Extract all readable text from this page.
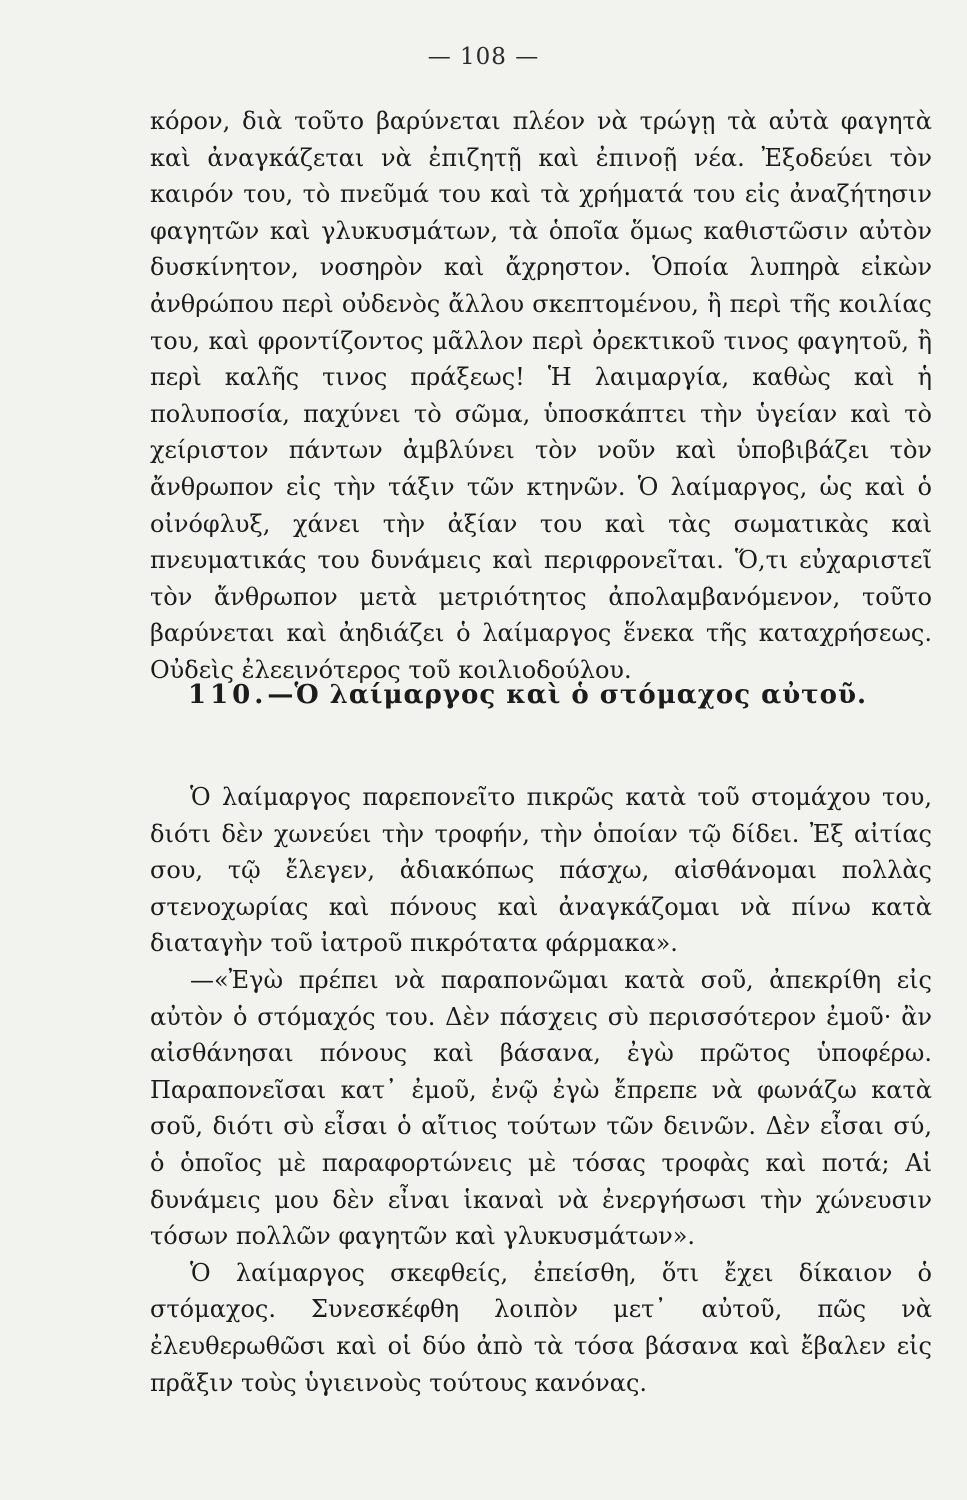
— 108 —

κόρον, διὰ τοῦτο βαρύνεται πλέον νὰ τρώγῃ τὰ αὐτὰ φαγητὰ καὶ ἀναγκάζεται νὰ ἐπιζητῇ καὶ ἐπινοῇ νέα. Ἐξοδεύει τὸν καιρόν του, τὸ πνεῦμά του καὶ τὰ χρήματά του εἰς ἀναζήτησιν φαγητῶν καὶ γλυκυσμάτων, τὰ ὁποῖα ὅμως καθιστῶσιν αὐτὸν δυσκίνητον, νοσηρὸν καὶ ἄχρηστον. Ὁποία λυπηρὰ εἰκὼν ἀνθρώπου περὶ οὐδενὸς ἄλλου σκεπτομένου, ἢ περὶ τῆς κοιλίας του, καὶ φροντίζοντος μᾶλλον περὶ ὀρεκτικοῦ τινος φαγητοῦ, ἢ περὶ καλῆς τινος πράξεως! Ἡ λαιμαργία, καθὼς καὶ ἡ πολυποσία, παχύνει τὸ σῶμα, ὑποσκάπτει τὴν ὑγείαν καὶ τὸ χείριστον πάντων ἀμβλύνει τὸν νοῦν καὶ ὑποβιβάζει τὸν ἄνθρωπον εἰς τὴν τάξιν τῶν κτηνῶν. Ὁ λαίμαργος, ὡς καὶ ὁ οἰνόφλυξ, χάνει τὴν ἀξίαν του καὶ τὰς σωματικὰς καὶ πνευματικάς του δυνάμεις καὶ περιφρονεῖται. Ὅ,τι εὐχαριστεῖ τὸν ἄνθρωπον μετὰ μετριότητος ἀπολαμβανόμενον, τοῦτο βαρύνεται καὶ ἀηδιάζει ὁ λαίμαργος ἕνεκα τῆς καταχρήσεως. Οὐδεὶς ἐλεεινότερος τοῦ κοιλιοδούλου.

110.—Ὁ λαίμαργος καὶ ὁ στόμαχος αὐτοῦ.

Ὁ λαίμαργος παρεπονεῖτο πικρῶς κατὰ τοῦ στομάχου του, διότι δὲν χωνεύει τὴν τροφήν, τὴν ὁποίαν τῷ δίδει. Ἐξ αἰτίας σου, τῷ ἔλεγεν, ἀδιακόπως πάσχω, αἰσθάνομαι πολλὰς στενοχωρίας καὶ πόνους καὶ ἀναγκάζομαι νὰ πίνω κατὰ διαταγὴν τοῦ ἰατροῦ πικρότατα φάρμακα».

—«Ἐγὼ πρέπει νὰ παραπονῶμαι κατὰ σοῦ, ἀπεκρίθη εἰς αὐτὸν ὁ στόμαχός του. Δὲν πάσχεις σὺ περισσότερον ἐμοῦ· ἂν αἰσθάνησαι πόνους καὶ βάσανα, ἐγὼ πρῶτος ὑποφέρω. Παραπονεῖσαι κατ᾿ ἐμοῦ, ἐνῷ ἐγὼ ἔπρεπε νὰ φωνάζω κατὰ σοῦ, διότι σὺ εἶσαι ὁ αἴτιος τούτων τῶν δεινῶν. Δὲν εἶσαι σύ, ὁ ὁποῖος μὲ παραφορτώνεις μὲ τόσας τροφὰς καὶ ποτά; Αἱ δυνάμεις μου δὲν εἶναι ἱκαναὶ νὰ ἐνεργήσωσι τὴν χώνευσιν τόσων πολλῶν φαγητῶν καὶ γλυκυσμάτων».

Ὁ λαίμαργος σκεφθείς, ἐπείσθη, ὅτι ἔχει δίκαιον ὁ στόμαχος. Συνεσκέφθη λοιπὸν μετ᾿ αὐτοῦ, πῶς νὰ ἐλευθερωθῶσι καὶ οἱ δύο ἀπὸ τὰ τόσα βάσανα καὶ ἔβαλεν εἰς πρᾶξιν τοὺς ὑγιεινοὺς τούτους κανόνας.
